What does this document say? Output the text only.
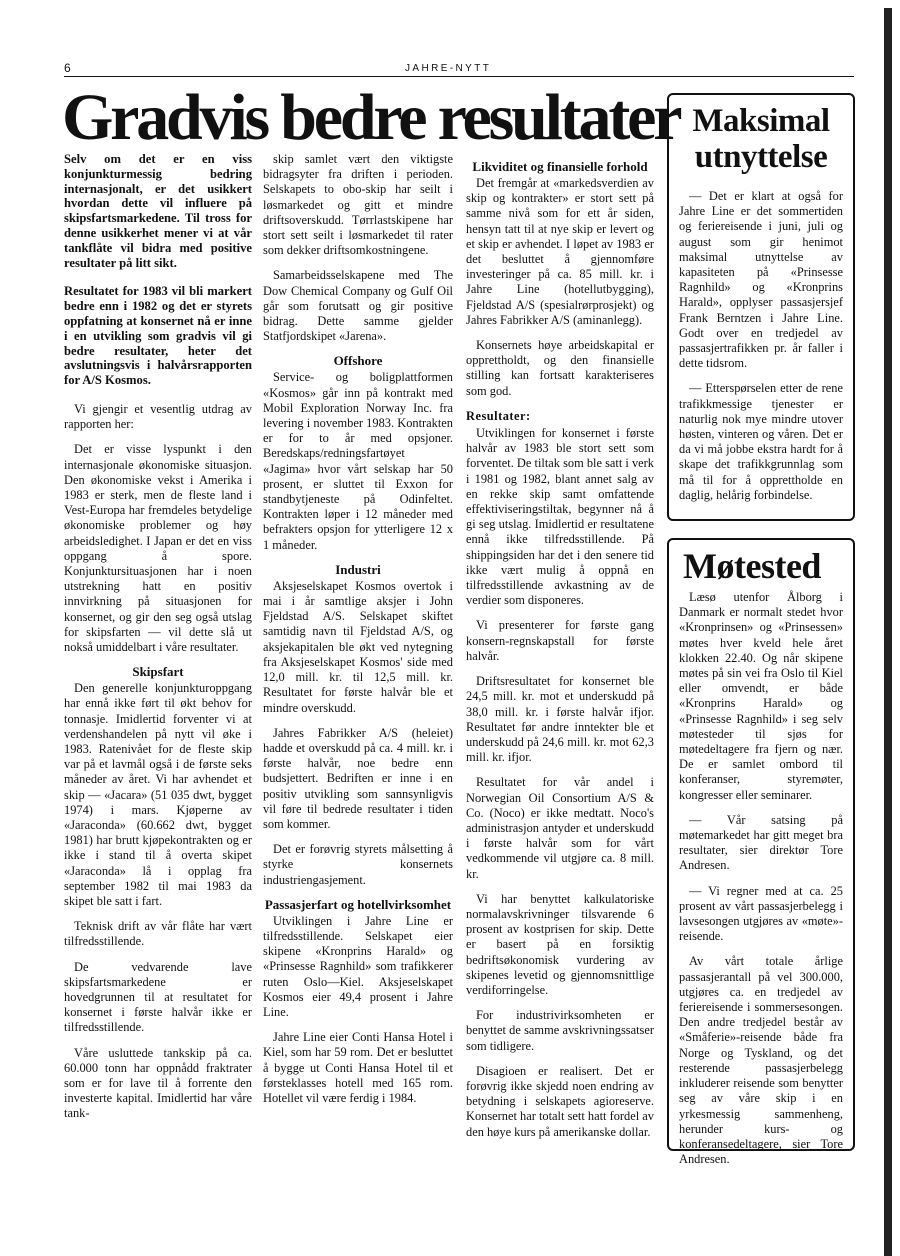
6	JAHRE-NYTT
Gradvis bedre resultater

Selv om det er en viss konjunkturmessig bedring internasjonalt, er det usikkert hvordan dette vil influere på skipsfartsmarkedene. Til tross for denne usikkerhet mener vi at vår tankflåte vil bidra med positive resultater på litt sikt.

Resultatet for 1983 vil bli markert bedre enn i 1982 og det er styrets oppfatning at konsernet nå er inne i en utvikling som gradvis vil gi bedre resultater, heter det avslutningsvis i halvårsrapporten for A/S Kosmos.

Vi gjengir et vesentlig utdrag av rapporten her:

Det er visse lyspunkt i den internasjonale økonomiske situasjon. Den økonomiske vekst i Amerika i 1983 er sterk, men de fleste land i Vest-Europa har fremdeles betydelige økonomiske problemer og høy arbeidsledighet. I Japan er det en viss oppgang å spore. Konjunktursituasjonen har i noen utstrekning hatt en positiv innvirkning på situasjonen for konsernet, og gir den seg også utslag for skipsfarten — vil dette slå ut nokså umiddelbart i våre resultater.

Skipsfart

Den generelle konjunkturoppgang har ennå ikke ført til økt behov for tonnasje. Imidlertid forventer vi at verdenshandelen på nytt vil øke i 1983. Ratenivået for de fleste skip var på et lavmål også i de første seks måneder av året. Vi har avhendet et skip — «Jacara» (51 035 dwt, bygget 1974) i mars. Kjøperne av «Jaraconda» (60.662 dwt, bygget 1981) har brutt kjøpekontrakten og er ikke i stand til å overta skipet «Jaraconda» lå i opplag fra september 1982 til mai 1983 da skipet ble satt i fart.

Teknisk drift av vår flåte har vært tilfredsstillende.

De vedvarende lave skipsfartsmarkedene er hovedgrunnen til at resultatet for konsernet i første halvår ikke er tilfredsstillende.

Våre usluttede tankskip på ca. 60.000 tonn har oppnådd fraktrater som er for lave til å forrente den investerte kapital. Imidlertid har våre tank-

skip samlet vært den viktigste bidragsyter fra driften i perioden. Selskapets to obo-skip har seilt i løsmarkedet og gitt et mindre driftsoverskudd. Tørrlastskipene har stort sett seilt i løsmarkedet til rater som dekker driftsomkostningene.

Samarbeidsselskapene med The Dow Chemical Company og Gulf Oil går som forutsatt og gir positive bidrag. Dette samme gjelder Statfjordskipet «Jarena».

Offshore

Service- og boligplattformen «Kosmos» går inn på kontrakt med Mobil Exploration Norway Inc. fra levering i november 1983. Kontrakten er for to år med opsjoner. Beredskaps/redningsfartøyet «Jagima» hvor vårt selskap har 50 prosent, er sluttet til Exxon for standbytjeneste på Odinfeltet. Kontrakten løper i 12 måneder med befrakters opsjon for ytterligere 12 x 1 måneder.

Industri

Aksjeselskapet Kosmos overtok i mai i år samtlige aksjer i John Fjeldstad A/S. Selskapet skiftet samtidig navn til Fjeldstad A/S, og aksjekapitalen ble økt ved nytegning fra Aksjeselskapet Kosmos' side med 12,0 mill. kr. til 12,5 mill. kr. Resultatet for første halvår ble et mindre overskudd.

Jahres Fabrikker A/S (heleiet) hadde et overskudd på ca. 4 mill. kr. i første halvår, noe bedre enn budsjettert. Bedriften er inne i en positiv utvikling som sannsynligvis vil føre til bedrede resultater i tiden som kommer.

Det er forøvrig styrets målsetting å styrke konsernets industriengasjement.

Passasjerfart og hotellvirksomhet

Utviklingen i Jahre Line er tilfredsstillende. Selskapet eier skipene «Kronprins Harald» og «Prinsesse Ragnhild» som trafikkerer ruten Oslo—Kiel. Aksjeselskapet Kosmos eier 49,4 prosent i Jahre Line.

Jahre Line eier Conti Hansa Hotel i Kiel, som har 59 rom. Det er besluttet å bygge ut Conti Hansa Hotel til et førsteklasses hotell med 165 rom. Hotellet vil være ferdig i 1984.

Likviditet og finansielle forhold

Det fremgår at «markedsverdien av skip og kontrakter» er stort sett på samme nivå som for ett år siden, hensyn tatt til at nye skip er levert og et skip er avhendet. I løpet av 1983 er det besluttet å gjennomføre investeringer på ca. 85 mill. kr. i Jahre Line (hotellutbygging), Fjeldstad A/S (spesialrørprosjekt) og Jahres Fabrikker A/S (aminanlegg).

Konsernets høye arbeidskapital er opprettholdt, og den finansielle stilling kan fortsatt karakteriseres som god.

Resultater:

Utviklingen for konsernet i første halvår av 1983 ble stort sett som forventet. De tiltak som ble satt i verk i 1981 og 1982, blant annet salg av en rekke skip samt omfattende effektiviseringstiltak, begynner nå å gi seg utslag. Imidlertid er resultatene ennå ikke tilfredsstillende. På shippingsiden har det i den senere tid ikke vært mulig å oppnå en tilfredsstillende avkastning av de verdier som disponeres.

Vi presenterer for første gang konsern-regnskapstall for første halvår.

Driftsresultatet for konsernet ble 24,5 mill. kr. mot et underskudd på 38,0 mill. kr. i første halvår ifjor. Resultatet før andre inntekter ble et underskudd på 24,6 mill. kr. mot 62,3 mill. kr. ifjor.

Resultatet for vår andel i Norwegian Oil Consortium A/S & Co. (Noco) er ikke medtatt. Noco's administrasjon antyder et underskudd i første halvår som for vårt vedkommende vil utgjøre ca. 8 mill. kr.

Vi har benyttet kalkulatoriske normalavskrivninger tilsvarende 6 prosent av kostprisen for skip. Dette er basert på en forsiktig bedriftsøkonomisk vurdering av skipenes levetid og gjennomsnittlige verdiforringelse.

For industrivirksomheten er benyttet de samme avskrivningssatser som tidligere.

Disagioen er realisert. Det er forøvrig ikke skjedd noen endring av betydning i selskapets agioreserve. Konsernet har totalt sett hatt fordel av den høye kurs på amerikanske dollar.

Maksimal utnyttelse

— Det er klart at også for Jahre Line er det sommertiden og feriereisende i juni, juli og august som gir henimot maksimal utnyttelse av kapasiteten på «Prinsesse Ragnhild» og «Kronprins Harald», opplyser passasjersjef Frank Berntzen i Jahre Line. Godt over en tredjedel av passasjertrafikken pr. år faller i dette tidsrom.

— Etterspørselen etter de rene trafikkmessige tjenester er naturlig nok mye mindre utover høsten, vinteren og våren. Det er da vi må jobbe ekstra hardt for å skape det trafikkgrunnlag som må til for å opprettholde en daglig, helårig forbindelse.

Møtested

Læsø utenfor Ålborg i Danmark er normalt stedet hvor «Kronprinsen» og «Prinsessen» møtes hver kveld hele året klokken 22.40. Og når skipene møtes på sin vei fra Oslo til Kiel eller omvendt, er både «Kronprins Harald» og «Prinsesse Ragnhild» i seg selv møtesteder til sjøs for møtedeltagere fra fjern og nær. De er samlet ombord til konferanser, styremøter, kongresser eller seminarer.

— Vår satsing på møtemarkedet har gitt meget bra resultater, sier direktør Tore Andresen.

— Vi regner med at ca. 25 prosent av vårt passasjerbelegg i lavsesongen utgjøres av «møte»-reisende.

Av vårt totale årlige passasjerantall på vel 300.000, utgjøres ca. en tredjedel av feriereisende i sommersesongen. Den andre tredjedel består av «Småferie»-reisende både fra Norge og Tyskland, og det resterende passasjerbelegg inkluderer reisende som benytter seg av våre skip i en yrkesmessig sammenheng, herunder kurs- og konferansedeltagere, sier Tore Andresen.
